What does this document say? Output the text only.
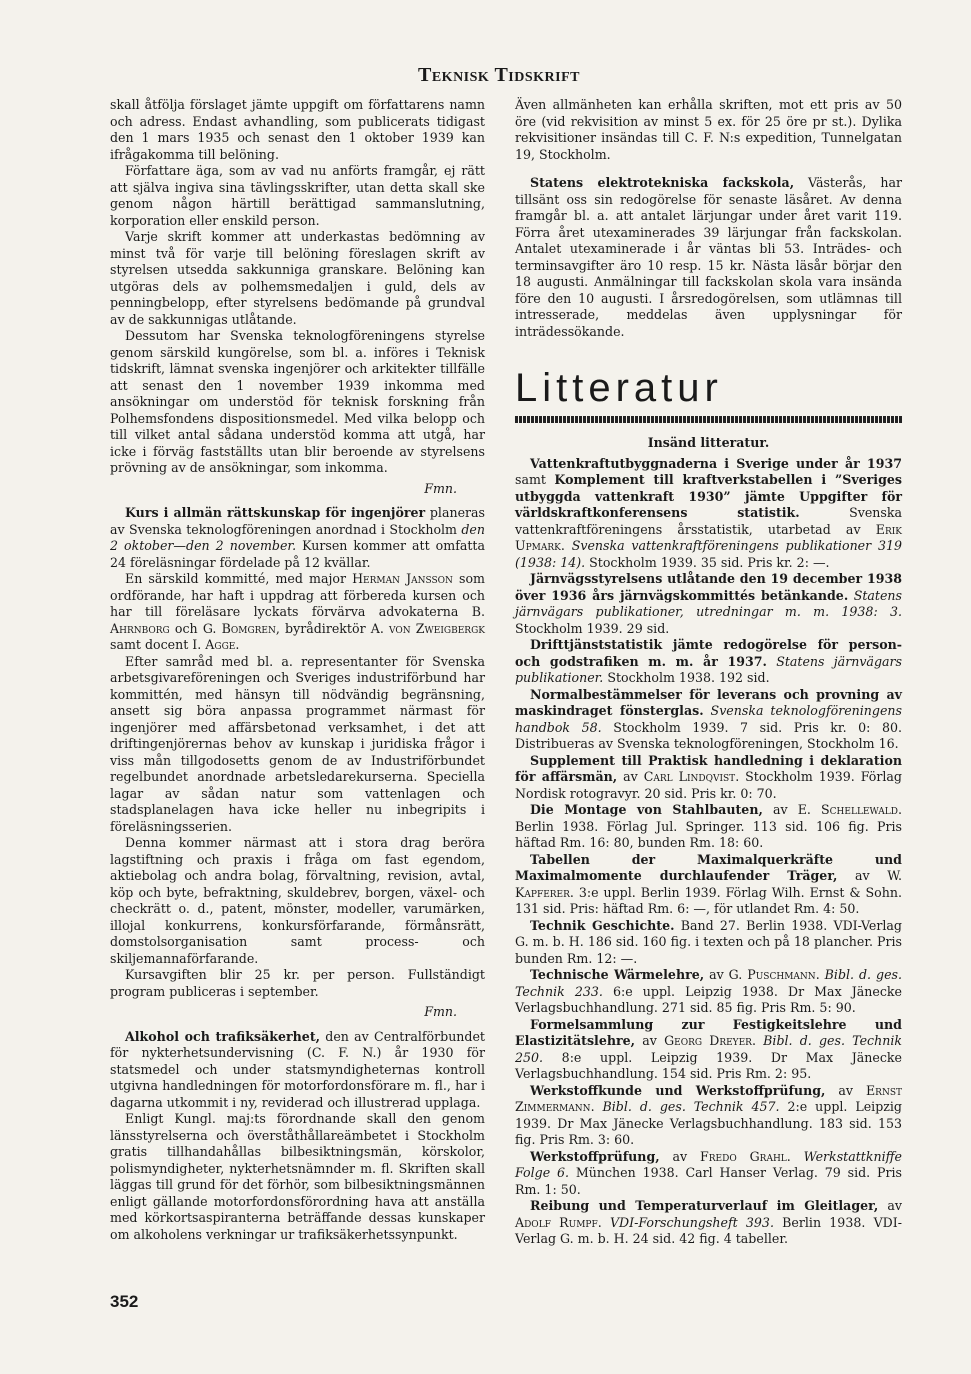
Teknisk Tidskrift

skall åtfölja förslaget jämte uppgift om författarens namn och adress. Endast avhandling, som publicerats tidigast den 1 mars 1935 och senast den 1 oktober 1939 kan ifrågakomma till belöning.

Författare äga, som av vad nu anförts framgår, ej rätt att själva ingiva sina tävlingsskrifter, utan detta skall ske genom någon härtill berättigad sammanslutning, korporation eller enskild person.

Varje skrift kommer att underkastas bedömning av minst två för varje till belöning föreslagen skrift av styrelsen utsedda sakkunniga granskare. Belöning kan utgöras dels av polhemsmedaljen i guld, dels av penningbelopp, efter styrelsens bedömande på grundval av de sakkunnigas utlåtande.

Dessutom har Svenska teknologföreningens styrelse genom särskild kungörelse, som bl. a. införes i Teknisk tidskrift, lämnat svenska ingenjörer och arkitekter tillfälle att senast den 1 november 1939 inkomma med ansökningar om understöd för teknisk forskning från Polhemsfondens dispositionsmedel. Med vilka belopp och till vilket antal sådana understöd komma att utgå, har icke i förväg fastställts utan blir beroende av styrelsens prövning av de ansökningar, som inkomma.

Fmn.

Kurs i allmän rättskunskap för ingenjörer planeras av Svenska teknologföreningen anordnad i Stockholm den 2 oktober—den 2 november. Kursen kommer att omfatta 24 föreläsningar fördelade på 12 kvällar.

En särskild kommitté, med major Herman Jansson som ordförande, har haft i uppdrag att förbereda kursen och har till föreläsare lyckats förvärva advokaterna B. Ahrnborg och G. Bomgren, byrådirektör A. von Zweigbergk samt docent I. Agge.

Efter samråd med bl. a. representanter för Svenska arbetsgivareföreningen och Sveriges industriförbund har kommittén, med hänsyn till nödvändig begränsning, ansett sig böra anpassa programmet närmast för ingenjörer med affärsbetonad verksamhet, i det att driftingenjörernas behov av kunskap i juridiska frågor i viss mån tillgodosetts genom de av Industriförbundet regelbundet anordnade arbetsledarekurserna. Speciella lagar av sådan natur som vattenlagen och stadsplanelagen hava icke heller nu inbegripits i föreläsningsserien.

Denna kommer närmast att i stora drag beröra lagstiftning och praxis i fråga om fast egendom, aktiebolag och andra bolag, förvaltning, revision, avtal, köp och byte, befraktning, skuldebrev, borgen, växel- och checkrätt o. d., patent, mönster, modeller, varumärken, illojal konkurrens, konkursförfarande, förmånsrätt, domstolsorganisation samt process- och skiljemannaförfarande.

Kursavgiften blir 25 kr. per person. Fullständigt program publiceras i september.

Fmn.

Alkohol och trafiksäkerhet, den av Centralförbundet för nykterhetsundervisning (C. F. N.) år 1930 för statsmedel och under statsmyndigheternas kontroll utgivna handledningen för motorfordonsförare m. fl., har i dagarna utkommit i ny, reviderad och illustrerad upplaga.

Enligt Kungl. maj:ts förordnande skall den genom länsstyrelserna och överståthållareämbetet i Stockholm gratis tillhandahållas bilbesiktningsmän, körskolor, polismyndigheter, nykterhetsnämnder m. fl. Skriften skall läggas till grund för det förhör, som bilbesiktningsmännen enligt gällande motorfordonsförordning hava att anställa med körkortsaspiranterna beträffande dessas kunskaper om alkoholens verkningar ur trafiksäkerhetssynpunkt.

Även allmänheten kan erhålla skriften, mot ett pris av 50 öre (vid rekvisition av minst 5 ex. för 25 öre pr st.). Dylika rekvisitioner insändas till C. F. N:s expedition, Tunnelgatan 19, Stockholm.

Statens elektrotekniska fackskola, Västerås, har tillsänt oss sin redogörelse för senaste läsåret. Av denna framgår bl. a. att antalet lärjungar under året varit 119. Förra året utexaminerades 39 lärjungar från fackskolan. Antalet utexaminerade i år väntas bli 53. Inträdes- och terminsavgifter äro 10 resp. 15 kr. Nästa läsår börjar den 18 augusti. Anmälningar till fackskolan skola vara insända före den 10 augusti. I årsredogörelsen, som utlämnas till intresserade, meddelas även upplysningar för inträdessökande.

Litteratur
Insänd litteratur.

Vattenkraftutbyggnaderna i Sverige under år 1937 samt Komplement till kraftverkstabellen i ”Sveriges utbyggda vattenkraft 1930” jämte Uppgifter för världskraftkonferensens statistik. Svenska vattenkraftföreningens årsstatistik, utarbetad av Erik Upmark. Svenska vattenkraftföreningens publikationer 319 (1938: 14). Stockholm 1939. 35 sid. Pris kr. 2: —.

Järnvägsstyrelsens utlåtande den 19 december 1938 över 1936 års järnvägskommittés betänkande. Statens järnvägars publikationer, utredningar m. m. 1938: 3. Stockholm 1939. 29 sid.

Drifttjänststatistik jämte redogörelse för person- och godstrafiken m. m. år 1937. Statens järnvägars publikationer. Stockholm 1938. 192 sid.

Normalbestämmelser för leverans och provning av maskindraget fönsterglas. Svenska teknologföreningens handbok 58. Stockholm 1939. 7 sid. Pris kr. 0: 80. Distribueras av Svenska teknologföreningen, Stockholm 16.

Supplement till Praktisk handledning i deklaration för affärsmän, av Carl Lindqvist. Stockholm 1939. Förlag Nordisk rotogravyr. 20 sid. Pris kr. 0: 70.

Die Montage von Stahlbauten, av E. Schellewald. Berlin 1938. Förlag Jul. Springer. 113 sid. 106 fig. Pris häftad Rm. 16: 80, bunden Rm. 18: 60.

Tabellen der Maximalquerkräfte und Maximalmomente durchlaufender Träger, av W. Kapferer. 3:e uppl. Berlin 1939. Förlag Wilh. Ernst & Sohn. 131 sid. Pris: häftad Rm. 6: —, för utlandet Rm. 4: 50.

Technik Geschichte. Band 27. Berlin 1938. VDI-Verlag G. m. b. H. 186 sid. 160 fig. i texten och på 18 plancher. Pris bunden Rm. 12: —.

Technische Wärmelehre, av G. Puschmann. Bibl. d. ges. Technik 233. 6:e uppl. Leipzig 1938. Dr Max Jänecke Verlagsbuchhandlung. 271 sid. 85 fig. Pris Rm. 5: 90.

Formelsammlung zur Festigkeitslehre und Elastizitätslehre, av Georg Dreyer. Bibl. d. ges. Technik 250. 8:e uppl. Leipzig 1939. Dr Max Jänecke Verlagsbuchhandlung. 154 sid. Pris Rm. 2: 95.

Werkstoffkunde und Werkstoffprüfung, av Ernst Zimmermann. Bibl. d. ges. Technik 457. 2:e uppl. Leipzig 1939. Dr Max Jänecke Verlagsbuchhandlung. 183 sid. 153 fig. Pris Rm. 3: 60.

Werkstoffprüfung, av Fredo Grahl. Werkstattkniffe Folge 6. München 1938. Carl Hanser Verlag. 79 sid. Pris Rm. 1: 50.

Reibung und Temperaturverlauf im Gleitlager, av Adolf Rumpf. VDI-Forschungsheft 393. Berlin 1938. VDI-Verlag G. m. b. H. 24 sid. 42 fig. 4 tabeller.

352
